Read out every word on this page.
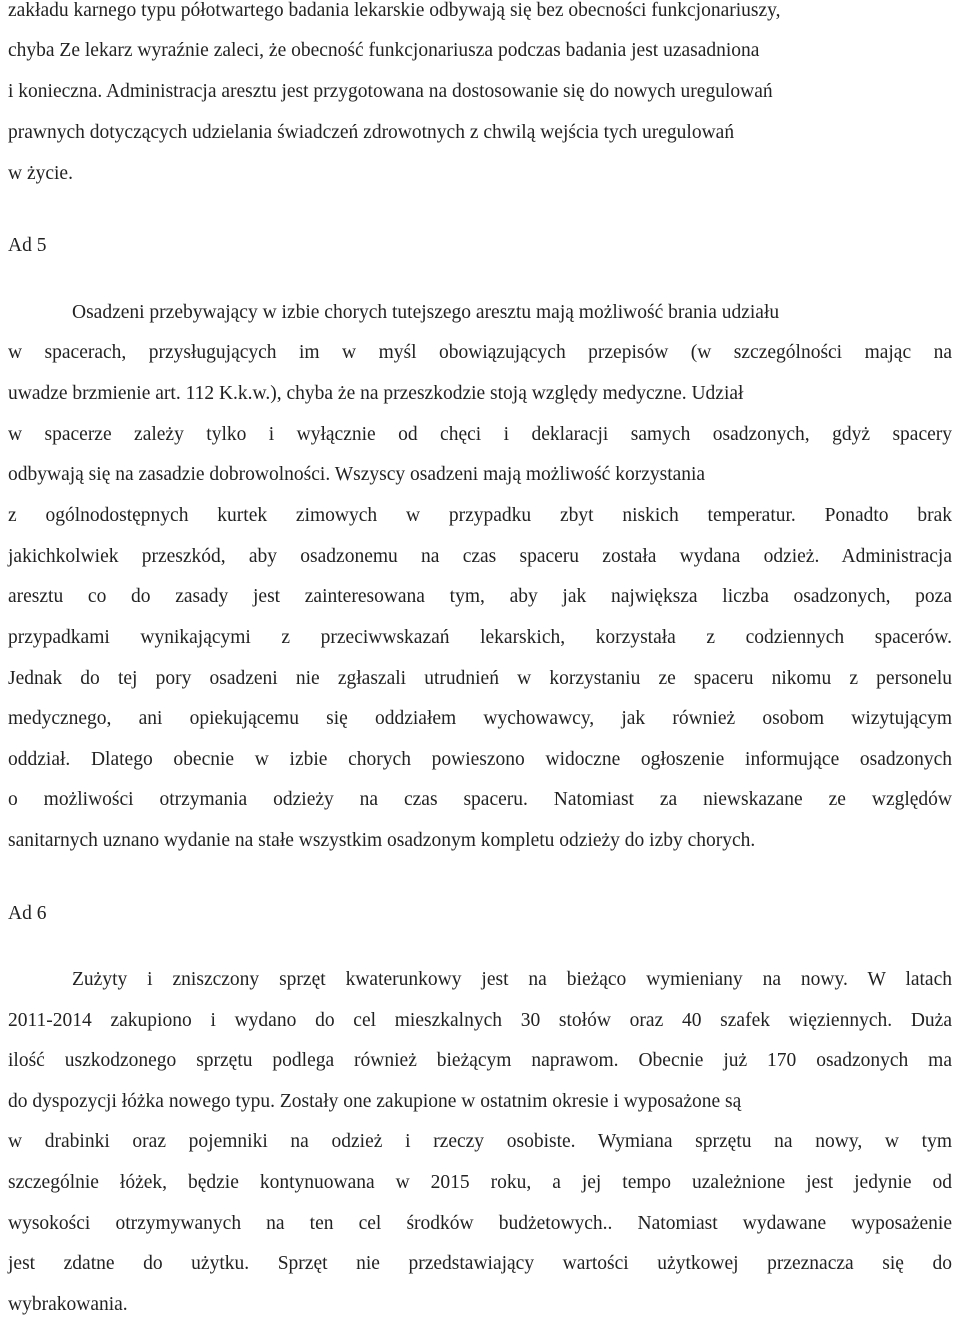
zakładu karnego typu półotwartego badania lekarskie odbywają się bez obecności funkcjonariuszy,
chyba Ze lekarz wyraźnie zaleci, że obecność funkcjonariusza podczas badania jest uzasadniona
i konieczna. Administracja aresztu jest przygotowana na dostosowanie się do nowych uregulowań
prawnych dotyczących udzielania świadczeń zdrowotnych z chwilą wejścia tych uregulowań
w życie.
Ad 5
Osadzeni przebywający w izbie chorych tutejszego aresztu mają możliwość brania udziału
w spacerach, przysługujących im w myśl obowiązujących przepisów (w szczególności mając na
uwadze brzmienie art. 112 K.k.w.), chyba że na przeszkodzie stoją względy medyczne. Udział
w spacerze zależy tylko i wyłącznie od chęci i deklaracji samych osadzonych, gdyż spacery
odbywają się na zasadzie dobrowolności. Wszyscy osadzeni mają możliwość korzystania
z ogólnodostępnych kurtek zimowych w przypadku zbyt niskich temperatur. Ponadto brak
jakichkolwiek przeszkód, aby osadzonemu na czas spaceru została wydana odzież. Administracja
aresztu co do zasady jest zainteresowana tym, aby jak największa liczba osadzonych, poza
przypadkami wynikającymi z przeciwwskazań lekarskich, korzystała z codziennych spacerów.
Jednak do tej pory osadzeni nie zgłaszali utrudnień w korzystaniu ze spaceru nikomu z personelu
medycznego, ani opiekującemu się oddziałem wychowawcy, jak również osobom wizytującym
oddział. Dlatego obecnie w izbie chorych powieszono widoczne ogłoszenie informujące osadzonych
o możliwości otrzymania odzieży na czas spaceru. Natomiast za niewskazane ze względów
sanitarnych uznano wydanie na stałe wszystkim osadzonym kompletu odzieży do izby chorych.
Ad 6
Zużyty i zniszczony sprzęt kwaterunkowy jest na bieżąco wymieniany na nowy. W latach
2011-2014 zakupiono i wydano do cel mieszkalnych 30 stołów oraz 40 szafek więziennych. Duża
ilość uszkodzonego sprzętu podlega również bieżącym naprawom. Obecnie już 170 osadzonych ma
do dyspozycji łóżka nowego typu. Zostały one zakupione w ostatnim okresie i wyposażone są
w drabinki oraz pojemniki na odzież i rzeczy osobiste. Wymiana sprzętu na nowy, w tym
szczególnie łóżek, będzie kontynuowana w 2015 roku, a jej tempo uzależnione jest jedynie od
wysokości otrzymywanych na ten cel środków budżetowych.. Natomiast wydawane wyposażenie
jest zdatne do użytku. Sprzęt nie przedstawiający wartości użytkowej przeznacza się do
wybrakowania.
